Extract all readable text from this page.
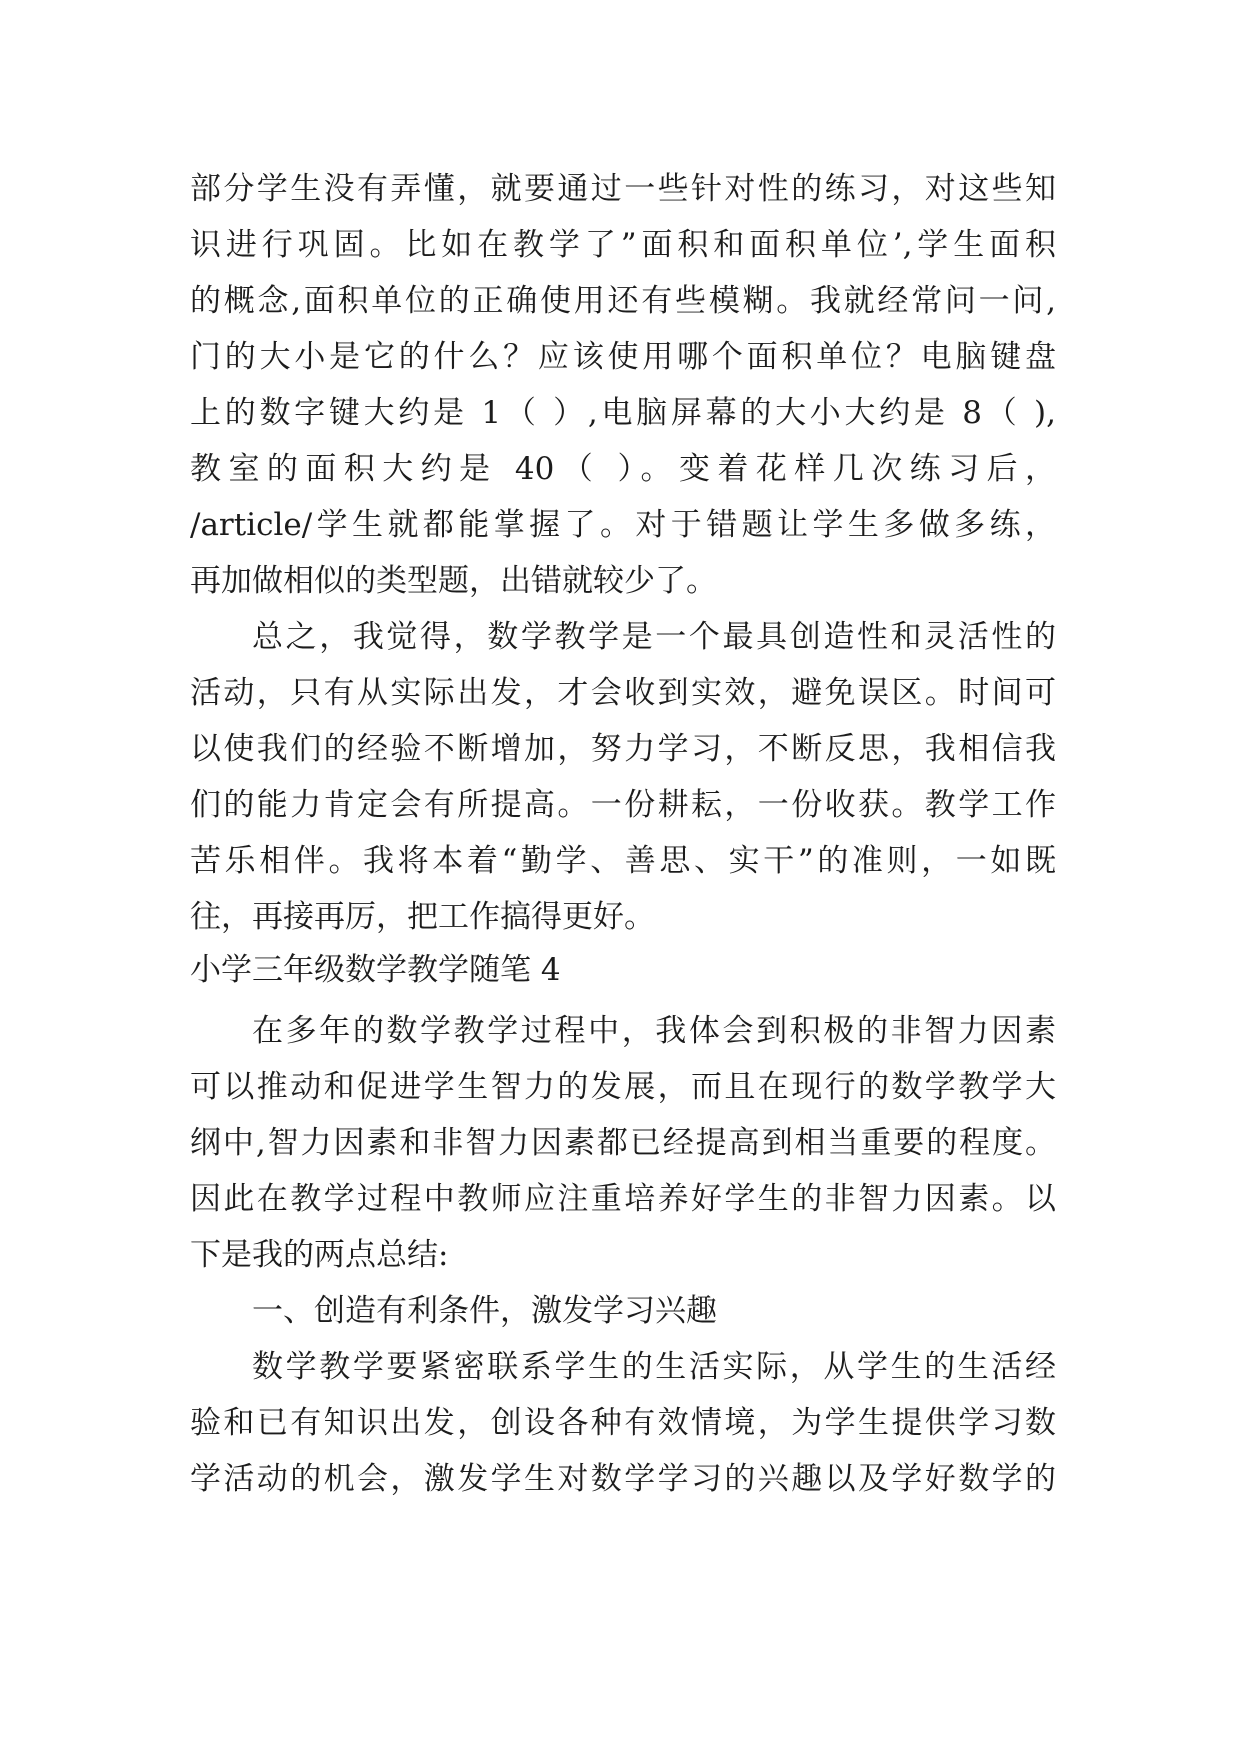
部分学生没有弄懂，就要通过一些针对性的练习，对这些知
识进行巩固。比如在教学了”面积和面积单位’,学生面积
的概念,面积单位的正确使用还有些模糊。我就经常问一问,
门的大小是它的什么？应该使用哪个面积单位？电脑键盘
上的数字键大约是 1（ ）,电脑屏幕的大小大约是 8（ ),
教室的面积大约是 40（ ）。变着花样几次练习后，
/article/学生就都能掌握了。对于错题让学生多做多练，
再加做相似的类型题，出错就较少了。
总之，我觉得，数学教学是一个最具创造性和灵活性的
活动，只有从实际出发，才会收到实效，避免误区。时间可
以使我们的经验不断增加，努力学习，不断反思，我相信我
们的能力肯定会有所提高。一份耕耘，一份收获。教学工作
苦乐相伴。我将本着“勤学、善思、实干”的准则，一如既
往，再接再厉，把工作搞得更好。
小学三年级数学教学随笔 4
在多年的数学教学过程中，我体会到积极的非智力因素
可以推动和促进学生智力的发展，而且在现行的数学教学大
纲中,智力因素和非智力因素都已经提高到相当重要的程度。
因此在教学过程中教师应注重培养好学生的非智力因素。以
下是我的两点总结:
一、创造有利条件，激发学习兴趣
数学教学要紧密联系学生的生活实际，从学生的生活经
验和已有知识出发，创设各种有效情境，为学生提供学习数
学活动的机会，激发学生对数学学习的兴趣以及学好数学的
